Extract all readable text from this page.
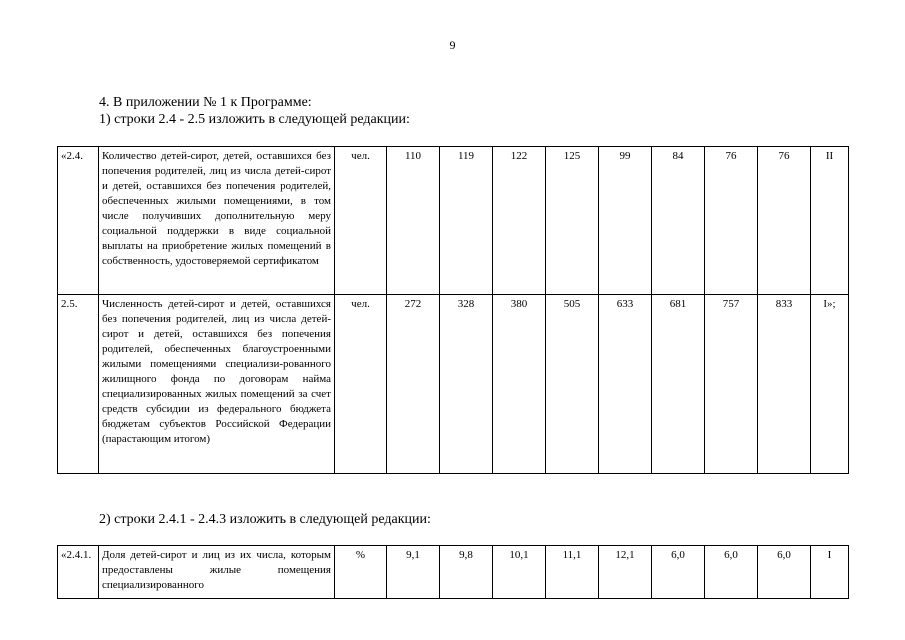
9
4. В приложении № 1 к Программе:
1) строки 2.4 - 2.5 изложить в следующей редакции:
«2.4.	Количество детей-сирот, детей, оставшихся без попечения родителей, лиц из числа детей-сирот и детей, оставшихся без попечения родителей, обеспеченных жилыми помещениями, в том числе получивших дополнительную меру социальной поддержки в виде социальной выплаты на приобретение жилых помещений в собственность, удостоверяемой сертификатом	чел.	110	119	122	125	99	84	76	76	II
2.5.	Численность детей-сирот и детей, оставшихся без попечения родителей, лиц из числа детей-сирот и детей, оставшихся без попечения родителей, обеспеченных благоустроенными жилыми помещениями специализи-рованного жилищного фонда по договорам найма специализированных жилых помещений за счет средств субсидии из федерального бюджета бюджетам субъектов Российской Федерации (парастающим итогом)	чел.	272	328	380	505	633	681	757	833	I»;
2) строки 2.4.1 - 2.4.3 изложить в следующей редакции:
«2.4.1.	Доля детей-сирот и лиц из их числа, которым предоставлены жилые помещения специализированного	%	9,1	9,8	10,1	11,1	12,1	6,0	6,0	6,0	I
